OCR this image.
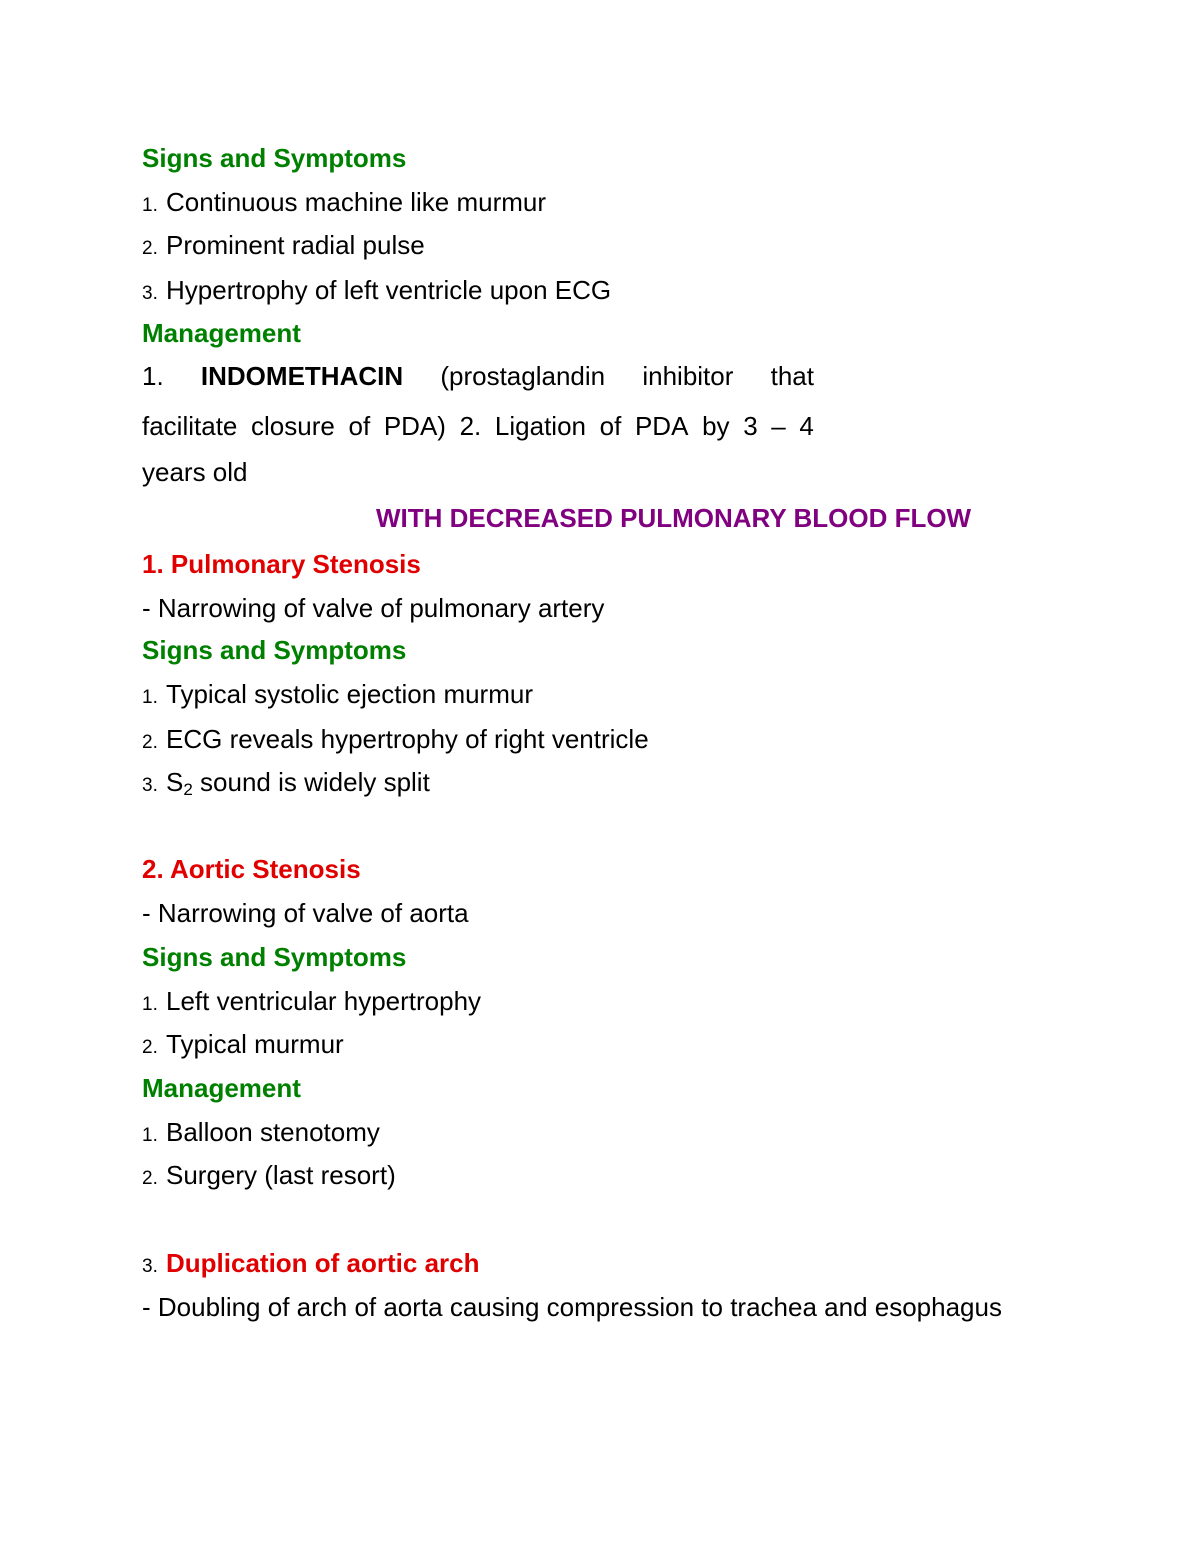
Signs and Symptoms
1. Continuous machine like murmur
2. Prominent radial pulse
3. Hypertrophy of left ventricle upon ECG
Management
1. INDOMETHACIN (prostaglandin inhibitor that
facilitate closure of PDA) 2. Ligation of PDA by 3 – 4
years old
WITH DECREASED PULMONARY BLOOD FLOW
1. Pulmonary Stenosis
- Narrowing of valve of pulmonary artery
Signs and Symptoms
1. Typical systolic ejection murmur
2. ECG reveals hypertrophy of right ventricle
3. $S_2$ sound is widely split
2. Aortic Stenosis
- Narrowing of valve of aorta
Signs and Symptoms
1. Left ventricular hypertrophy
2. Typical murmur
Management
1. Balloon stenotomy
2. Surgery (last resort)
3. Duplication of aortic arch
- Doubling of arch of aorta causing compression to trachea and esophagus
